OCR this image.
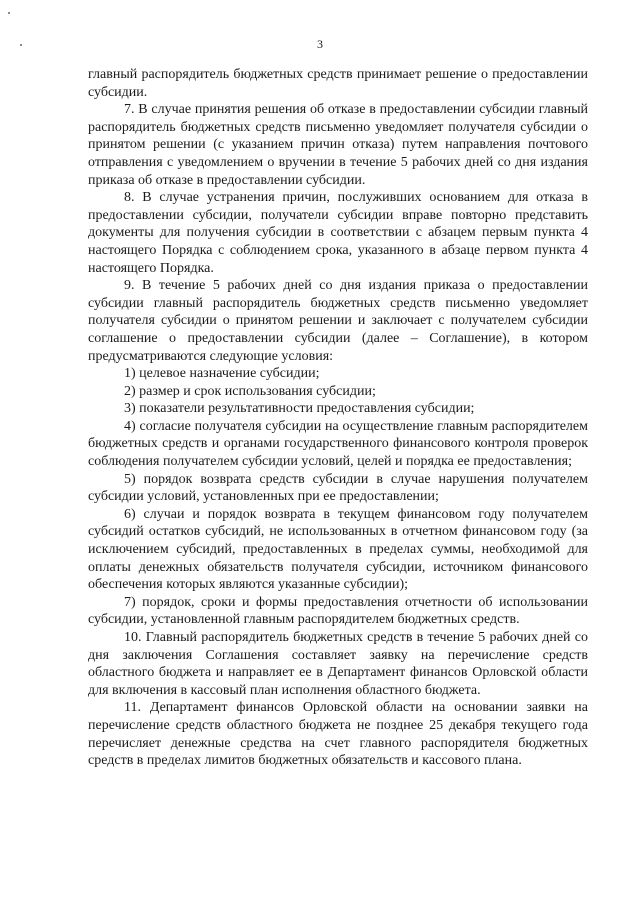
3

главный распорядитель бюджетных средств принимает решение о предоставлении субсидии.

7. В случае принятия решения об отказе в предоставлении субсидии главный распорядитель бюджетных средств письменно уведомляет получателя субсидии о принятом решении (с указанием причин отказа) путем направления почтового отправления с уведомлением о вручении в течение 5 рабочих дней со дня издания приказа об отказе в предоставлении субсидии.

8. В случае устранения причин, послуживших основанием для отказа в предоставлении субсидии, получатели субсидии вправе повторно представить документы для получения субсидии в соответствии с абзацем первым пункта 4 настоящего Порядка с соблюдением срока, указанного в абзаце первом пункта 4 настоящего Порядка.

9. В течение 5 рабочих дней со дня издания приказа о предоставлении субсидии главный распорядитель бюджетных средств письменно уведомляет получателя субсидии о принятом решении и заключает с получателем субсидии соглашение о предоставлении субсидии (далее – Соглашение), в котором предусматриваются следующие условия:

1) целевое назначение субсидии;

2) размер и срок использования субсидии;

3) показатели результативности предоставления субсидии;

4) согласие получателя субсидии на осуществление главным распорядителем бюджетных средств и органами государственного финансового контроля проверок соблюдения получателем субсидии условий, целей и порядка ее предоставления;

5) порядок возврата средств субсидии в случае нарушения получателем субсидии условий, установленных при ее предоставлении;

6) случаи и порядок возврата в текущем финансовом году получателем субсидий остатков субсидий, не использованных в отчетном финансовом году (за исключением субсидий, предоставленных в пределах суммы, необходимой для оплаты денежных обязательств получателя субсидии, источником финансового обеспечения которых являются указанные субсидии);

7) порядок, сроки и формы предоставления отчетности об использовании субсидии, установленной главным распорядителем бюджетных средств.

10. Главный распорядитель бюджетных средств в течение 5 рабочих дней со дня заключения Соглашения составляет заявку на перечисление средств областного бюджета и направляет ее в Департамент финансов Орловской области для включения в кассовый план исполнения областного бюджета.

11. Департамент финансов Орловской области на основании заявки на перечисление средств областного бюджета не позднее 25 декабря текущего года перечисляет денежные средства на счет главного распорядителя бюджетных средств в пределах лимитов бюджетных обязательств и кассового плана.
